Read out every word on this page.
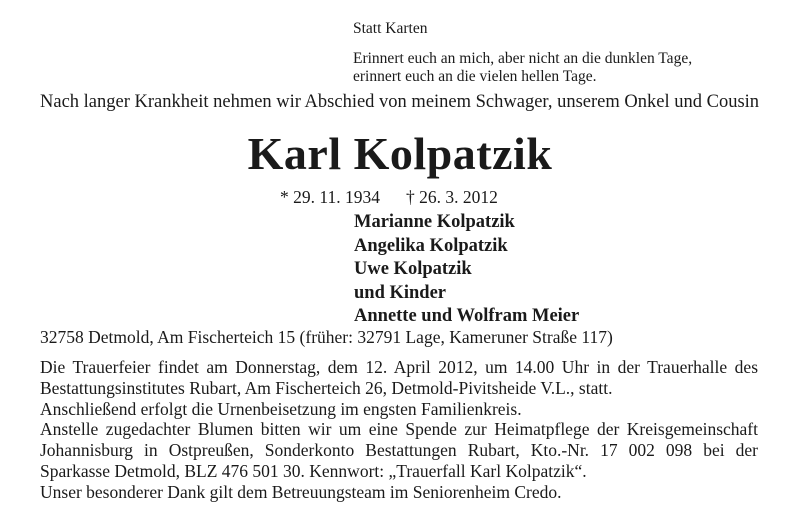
Statt Karten

Erinnert euch an mich, aber nicht an die dunklen Tage,
erinnert euch an die vielen hellen Tage.

Nach langer Krankheit nehmen wir Abschied von meinem Schwager, unserem Onkel und Cousin
Karl Kolpatzik
* 29. 11. 1934 † 26. 3. 2012
Marianne Kolpatzik
Angelika Kolpatzik
Uwe Kolpatzik
und Kinder
Annette und Wolfram Meier
32758 Detmold, Am Fischerteich 15 (früher: 32791 Lage, Kameruner Straße 117)

Die Trauerfeier findet am Donnerstag, dem 12. April 2012, um 14.00 Uhr in der Trauerhalle des Bestattungsinstitutes Rubart, Am Fischerteich 26, Detmold-Pivitsheide V.L., statt.

Anschließend erfolgt die Urnenbeisetzung im engsten Familienkreis.

Anstelle zugedachter Blumen bitten wir um eine Spende zur Heimatpflege der Kreisgemeinschaft Johannisburg in Ostpreußen, Sonderkonto Bestattungen Rubart, Kto.-Nr. 17 002 098 bei der Sparkasse Detmold, BLZ 476 501 30. Kennwort: „Trauerfall Karl Kolpatzik“.

Unser besonderer Dank gilt dem Betreuungsteam im Seniorenheim Credo.
